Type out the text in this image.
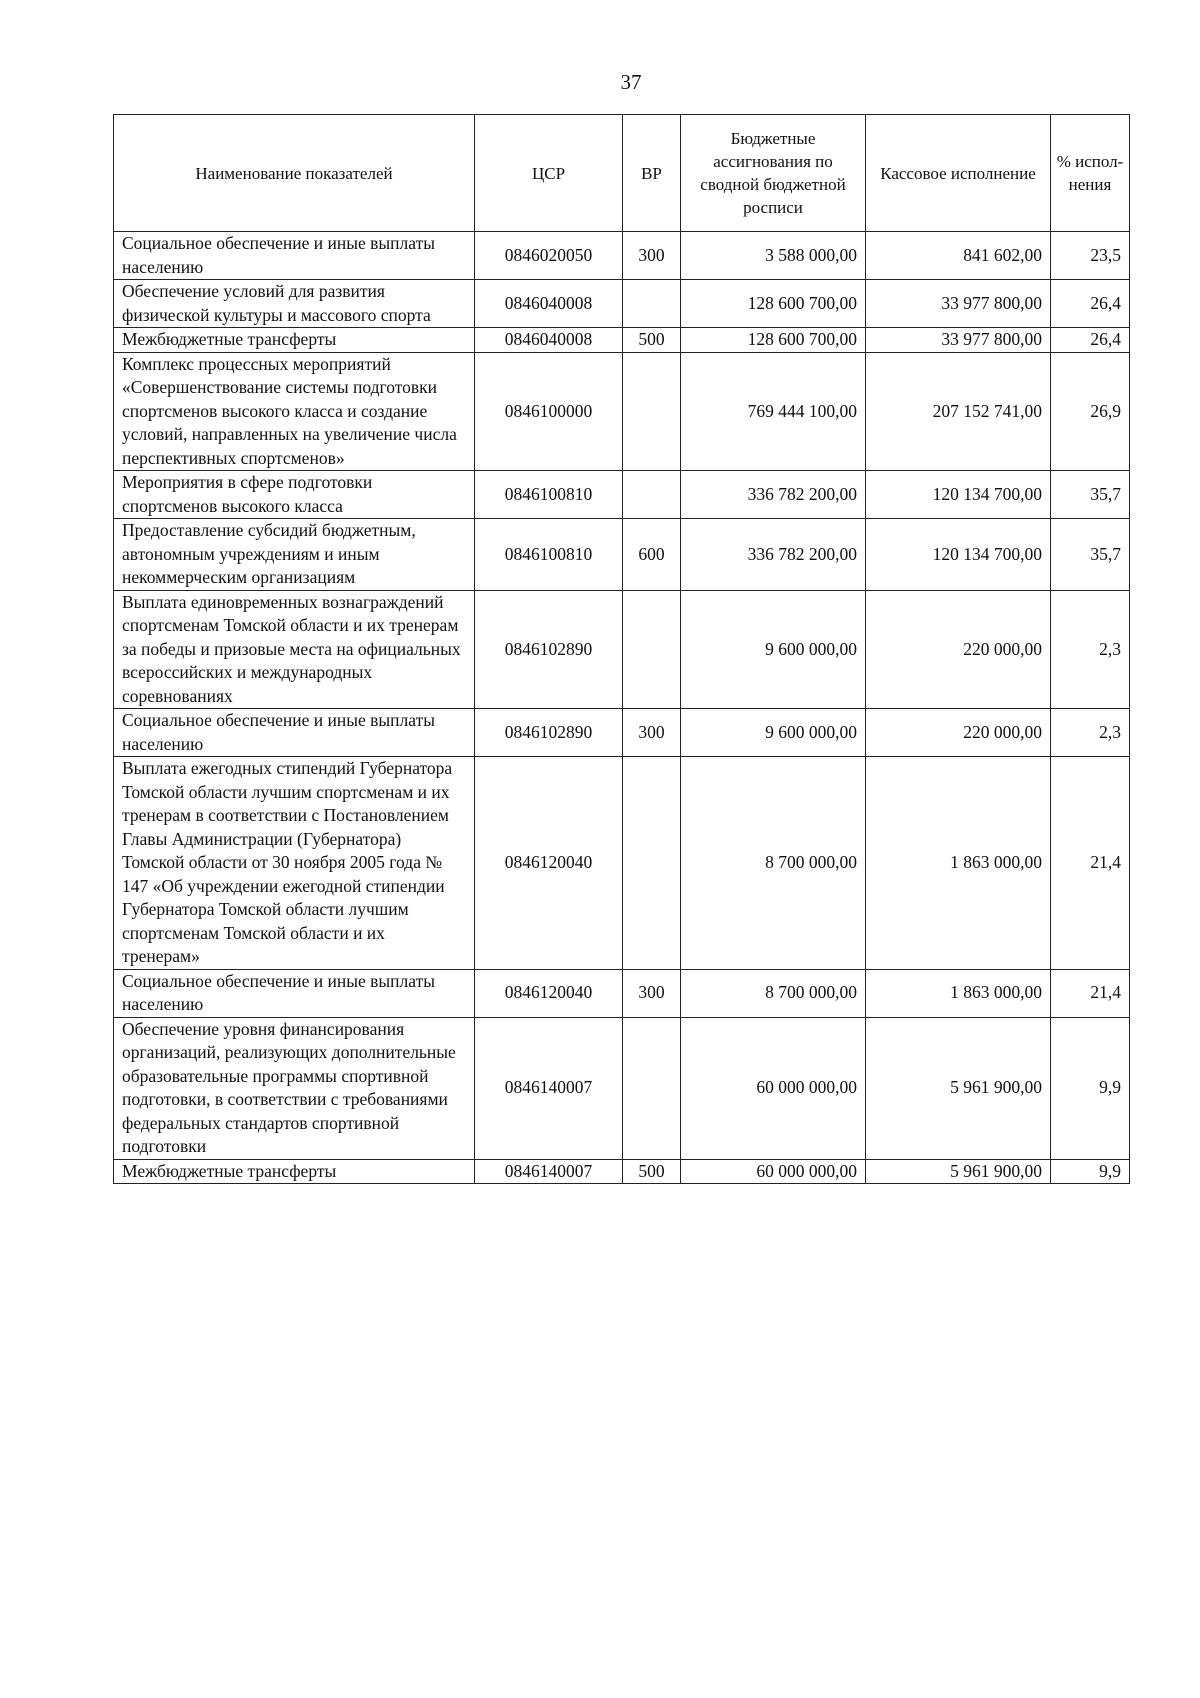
37
Наименование показателей	ЦСР	ВР	Бюджетные ассигнования по сводной бюджетной росписи	Кассовое исполнение	% испол-нения
Социальное обеспечение и иные выплаты населению	0846020050	300	3 588 000,00	841 602,00	23,5
Обеспечение условий для развития физической культуры и массового спорта	0846040008		128 600 700,00	33 977 800,00	26,4
Межбюджетные трансферты	0846040008	500	128 600 700,00	33 977 800,00	26,4
Комплекс процессных мероприятий «Совершенствование системы подготовки спортсменов высокого класса и создание условий, направленных на увеличение числа перспективных спортсменов»	0846100000		769 444 100,00	207 152 741,00	26,9
Мероприятия в сфере подготовки спортсменов высокого класса	0846100810		336 782 200,00	120 134 700,00	35,7
Предоставление субсидий бюджетным, автономным учреждениям и иным некоммерческим организациям	0846100810	600	336 782 200,00	120 134 700,00	35,7
Выплата единовременных вознаграждений спортсменам Томской области и их тренерам за победы и призовые места на официальных всероссийских и международных соревнованиях	0846102890		9 600 000,00	220 000,00	2,3
Социальное обеспечение и иные выплаты населению	0846102890	300	9 600 000,00	220 000,00	2,3
Выплата ежегодных стипендий Губернатора Томской области лучшим спортсменам и их тренерам в соответствии с Постановлением Главы Администрации (Губернатора) Томской области от 30 ноября 2005 года № 147 «Об учреждении ежегодной стипендии Губернатора Томской области лучшим спортсменам Томской области и их тренерам»	0846120040		8 700 000,00	1 863 000,00	21,4
Социальное обеспечение и иные выплаты населению	0846120040	300	8 700 000,00	1 863 000,00	21,4
Обеспечение уровня финансирования организаций, реализующих дополнительные образовательные программы спортивной подготовки, в соответствии с требованиями федеральных стандартов спортивной подготовки	0846140007		60 000 000,00	5 961 900,00	9,9
Межбюджетные трансферты	0846140007	500	60 000 000,00	5 961 900,00	9,9
